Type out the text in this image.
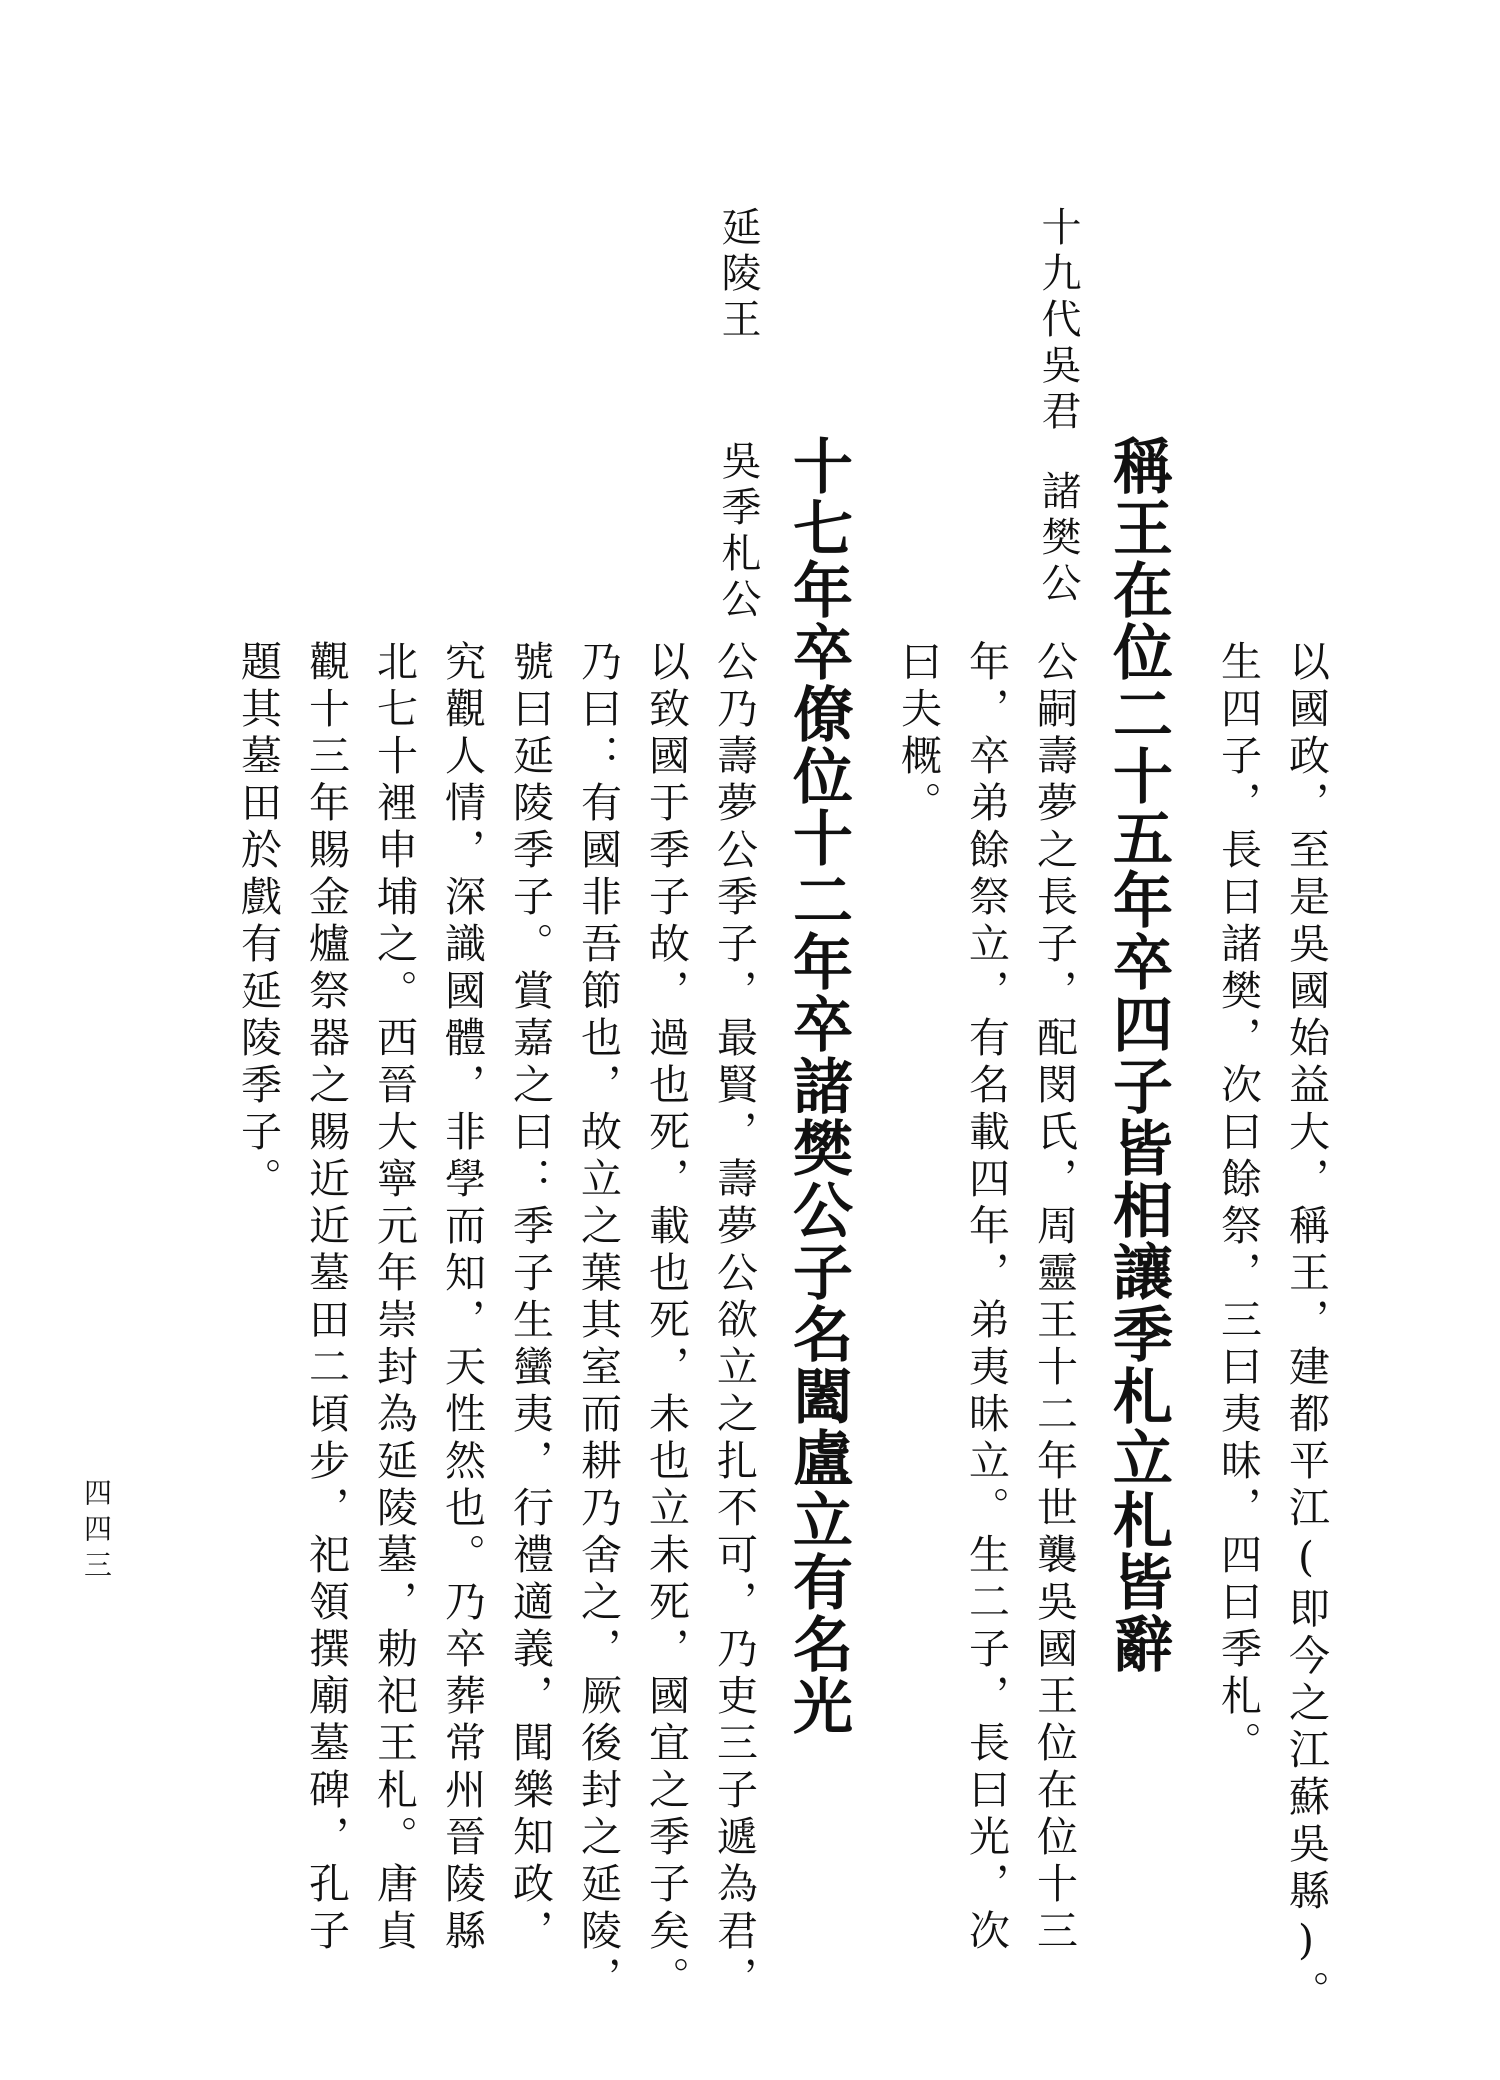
以國政，至是吳國始益大，稱王，建都平江(即今之江蘇吳縣)。
生四子，長曰諸樊，次曰餘祭，三曰夷昧，四曰季札。
十九代吳君
諸樊公 稱王在位二十五年卒四子皆相讓季札立札皆辭
公嗣壽夢之長子，配閔氏，周靈王十二年世襲吳國王位在位十三
年，卒弟餘祭立，有名載四年，弟夷昧立。生二子，長曰光，次
曰夫概。
延陵王
吳季札公 十七年卒僚位十二年卒諸樊公子名闔盧立有名光
公乃壽夢公季子，最賢，壽夢公欲立之扎不可，乃吏三子遞為君，
以致國于季子故，過也死，載也死，未也立未死，國宜之季子矣。
乃曰：有國非吾節也，故立之葉其室而耕乃舍之，厥後封之延陵，
號曰延陵季子。賞嘉之曰：季子生蠻夷，行禮適義，聞樂知政，
究觀人情，深識國體，非學而知，天性然也。乃卒葬常州晉陵縣
北七十裡申埔之。西晉大寧元年崇封為延陵墓，勅祀王札。唐貞
觀十三年賜金爐祭器之賜近近墓田二頃步，祀領撰廟墓碑，孔子
題其墓田於戲有延陵季子。
四四三
